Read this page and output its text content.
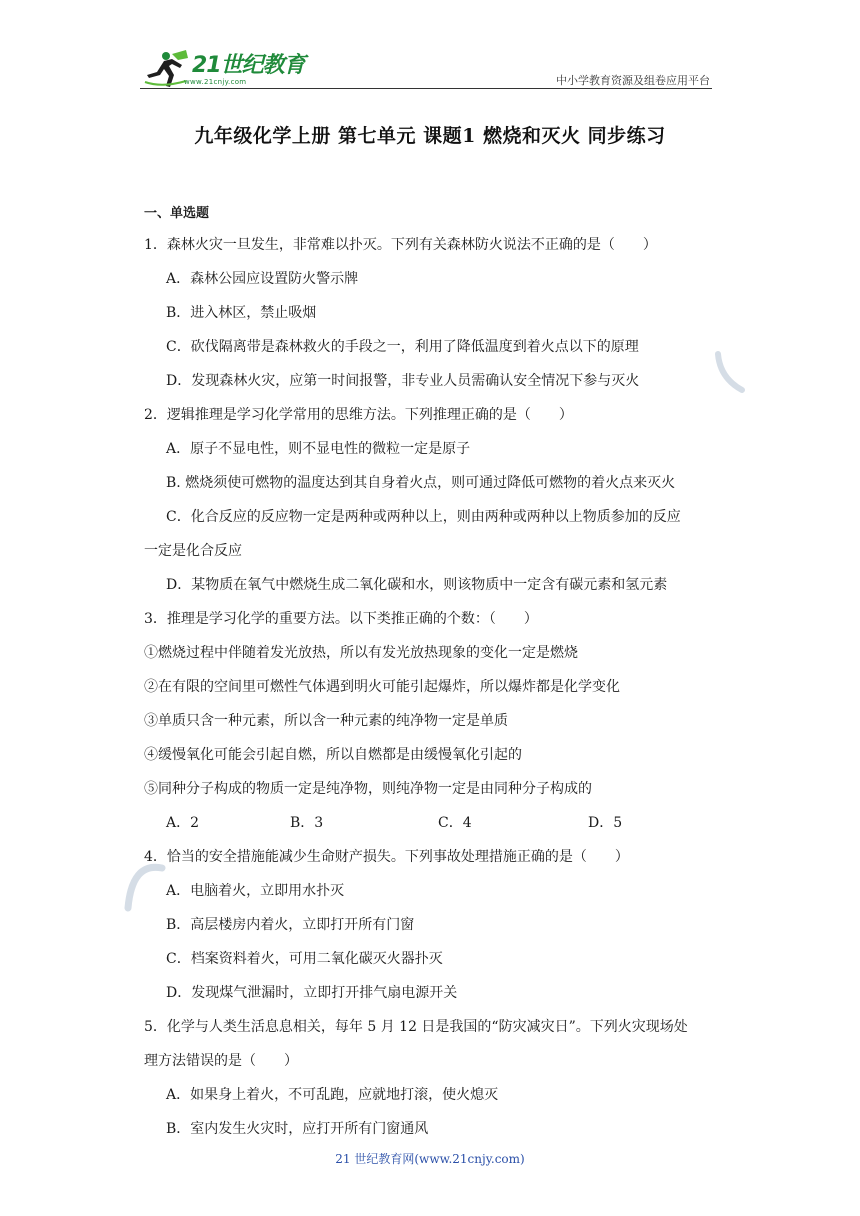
21世纪教育
www.21cnjy.com	中小学教育资源及组卷应用平台
九年级化学上册 第七单元 课题1 燃烧和灭火 同步练习
一、单选题
1．森林火灾一旦发生，非常难以扑灭。下列有关森林防火说法不正确的是（　　）
A．森林公园应设置防火警示牌
B．进入林区，禁止吸烟
C．砍伐隔离带是森林救火的手段之一，利用了降低温度到着火点以下的原理
D．发现森林火灾，应第一时间报警，非专业人员需确认安全情况下参与灭火
2．逻辑推理是学习化学常用的思维方法。下列推理正确的是（　　）
A．原子不显电性，则不显电性的微粒一定是原子
B. 燃烧须使可燃物的温度达到其自身着火点，则可通过降低可燃物的着火点来灭火
C．化合反应的反应物一定是两种或两种以上，则由两种或两种以上物质参加的反应
一定是化合反应
D．某物质在氧气中燃烧生成二氧化碳和水，则该物质中一定含有碳元素和氢元素
3．推理是学习化学的重要方法。以下类推正确的个数：（　　）
①燃烧过程中伴随着发光放热，所以有发光放热现象的变化一定是燃烧
②在有限的空间里可燃性气体遇到明火可能引起爆炸，所以爆炸都是化学变化
③单质只含一种元素，所以含一种元素的纯净物一定是单质
④缓慢氧化可能会引起自燃，所以自燃都是由缓慢氧化引起的
⑤同种分子构成的物质一定是纯净物，则纯净物一定是由同种分子构成的
A．2	B．3	C．4	D．5
4．恰当的安全措施能减少生命财产损失。下列事故处理措施正确的是（　　）
A．电脑着火，立即用水扑灭
B．高层楼房内着火，立即打开所有门窗
C．档案资料着火，可用二氧化碳灭火器扑灭
D．发现煤气泄漏时，立即打开排气扇电源开关
5．化学与人类生活息息相关，每年 5 月 12 日是我国的“防灾减灾日”。下列火灾现场处
理方法错误的是（　　）
A．如果身上着火，不可乱跑，应就地打滚，使火熄灭
B．室内发生火灾时，应打开所有门窗通风
21 世纪教育网(www.21cnjy.com)
